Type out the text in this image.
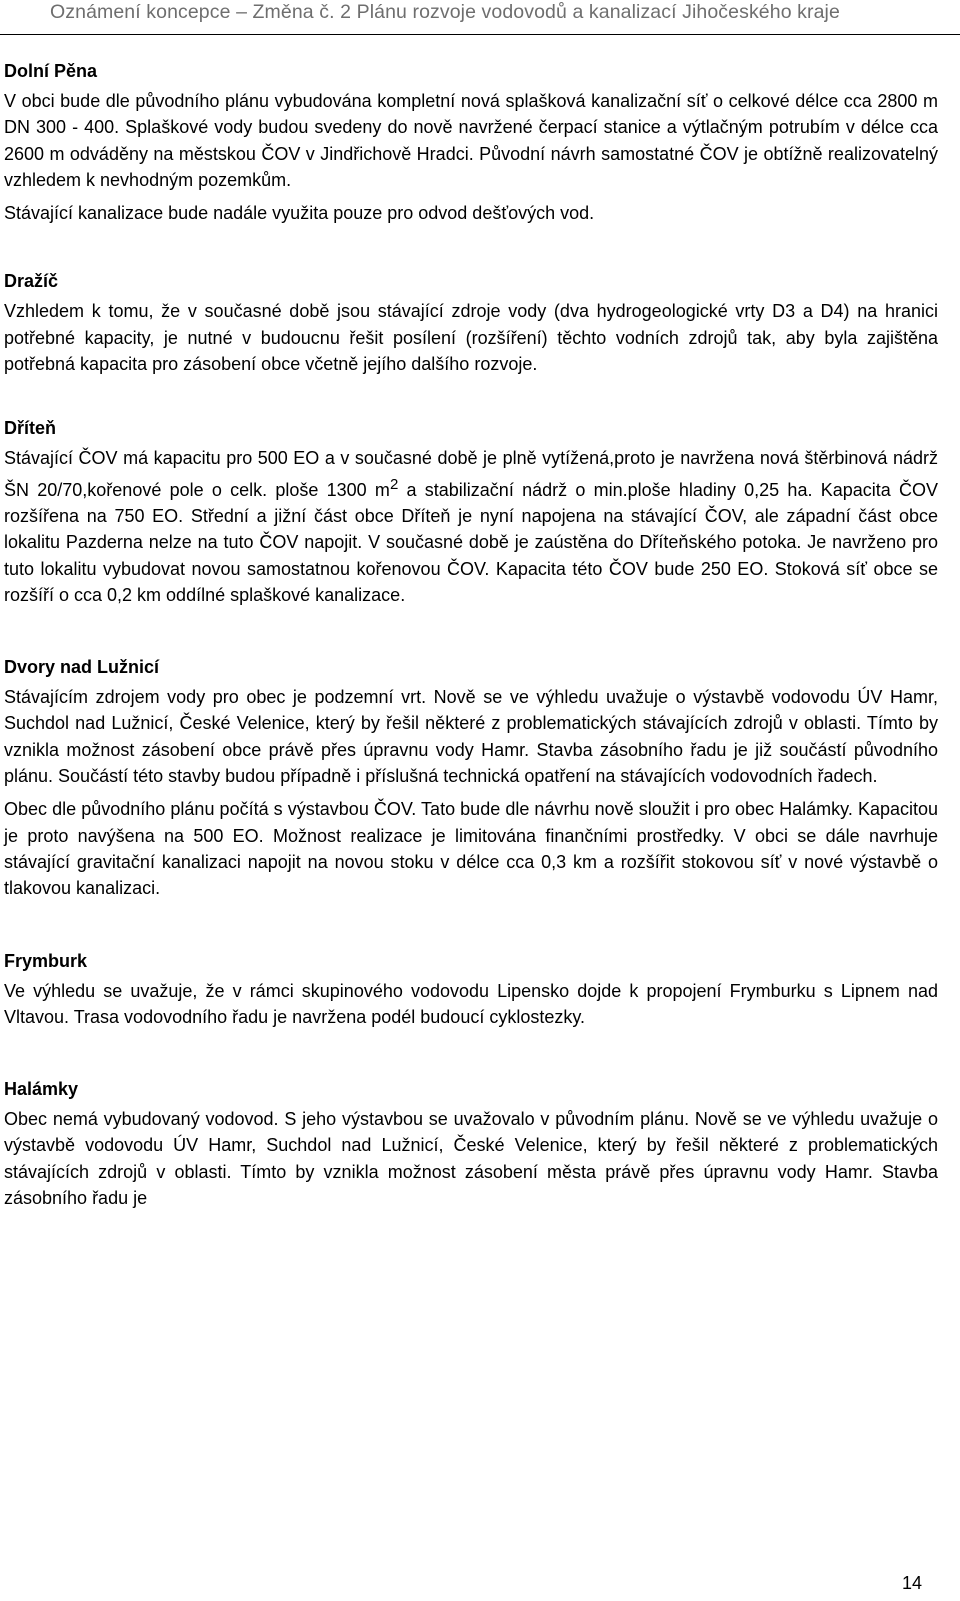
Oznámení koncepce – Změna č. 2 Plánu rozvoje vodovodů a kanalizací Jihočeského kraje
Dolní Pěna

V obci bude dle původního plánu vybudována kompletní nová splašková kanalizační síť o celkové délce cca 2800 m DN 300 - 400. Splaškové vody budou svedeny do nově navržené čerpací stanice a výtlačným potrubím v délce cca 2600 m odváděny na městskou ČOV v Jindřichově Hradci. Původní návrh samostatné ČOV je obtížně realizovatelný vzhledem k nevhodným pozemkům.

Stávající kanalizace bude nadále využita pouze pro odvod dešťových vod.

Dražíč

Vzhledem k tomu, že v současné době jsou stávající zdroje vody (dva hydrogeologické vrty D3 a D4) na hranici potřebné kapacity, je nutné v budoucnu řešit posílení (rozšíření) těchto vodních zdrojů tak, aby byla zajištěna potřebná kapacita pro zásobení obce včetně jejího dalšího rozvoje.

Dříteň

Stávající ČOV má kapacitu pro 500 EO a v současné době je plně vytížená,proto je navržena nová štěrbinová nádrž ŠN 20/70,kořenové pole o celk. ploše 1300 $m^2$ a stabilizační nádrž o min.ploše hladiny 0,25 ha. Kapacita ČOV rozšířena na 750 EO. Střední a jižní část obce Dříteň je nyní napojena na stávající ČOV, ale západní část obce lokalitu Pazderna nelze na tuto ČOV napojit. V současné době je zaústěna do Dříteňského potoka. Je navrženo pro tuto lokalitu vybudovat novou samostatnou kořenovou ČOV. Kapacita této ČOV bude 250 EO. Stoková síť obce se rozšíří o cca 0,2 km oddílné splaškové kanalizace.

Dvory nad Lužnicí

Stávajícím zdrojem vody pro obec je podzemní vrt. Nově se ve výhledu uvažuje o výstavbě vodovodu ÚV Hamr, Suchdol nad Lužnicí, České Velenice, který by řešil některé z problematických stávajících zdrojů v oblasti. Tímto by vznikla možnost zásobení obce právě přes úpravnu vody Hamr. Stavba zásobního řadu je již součástí původního plánu. Součástí této stavby budou případně i příslušná technická opatření na stávajících vodovodních řadech.

Obec dle původního plánu počítá s výstavbou ČOV. Tato bude dle návrhu nově sloužit i pro obec Halámky. Kapacitou je proto navýšena na 500 EO. Možnost realizace je limitována finančními prostředky. V obci se dále navrhuje stávající gravitační kanalizaci napojit na novou stoku v délce cca 0,3 km a rozšířit stokovou síť v nové výstavbě o tlakovou kanalizaci.

Frymburk

Ve výhledu se uvažuje, že v rámci skupinového vodovodu Lipensko dojde k propojení Frymburku s Lipnem nad Vltavou. Trasa vodovodního řadu je navržena podél budoucí cyklostezky.

Halámky

Obec nemá vybudovaný vodovod. S jeho výstavbou se uvažovalo v původním plánu. Nově se ve výhledu uvažuje o výstavbě vodovodu ÚV Hamr, Suchdol nad Lužnicí, České Velenice, který by řešil některé z problematických stávajících zdrojů v oblasti. Tímto by vznikla možnost zásobení města právě přes úpravnu vody Hamr. Stavba zásobního řadu je

14
